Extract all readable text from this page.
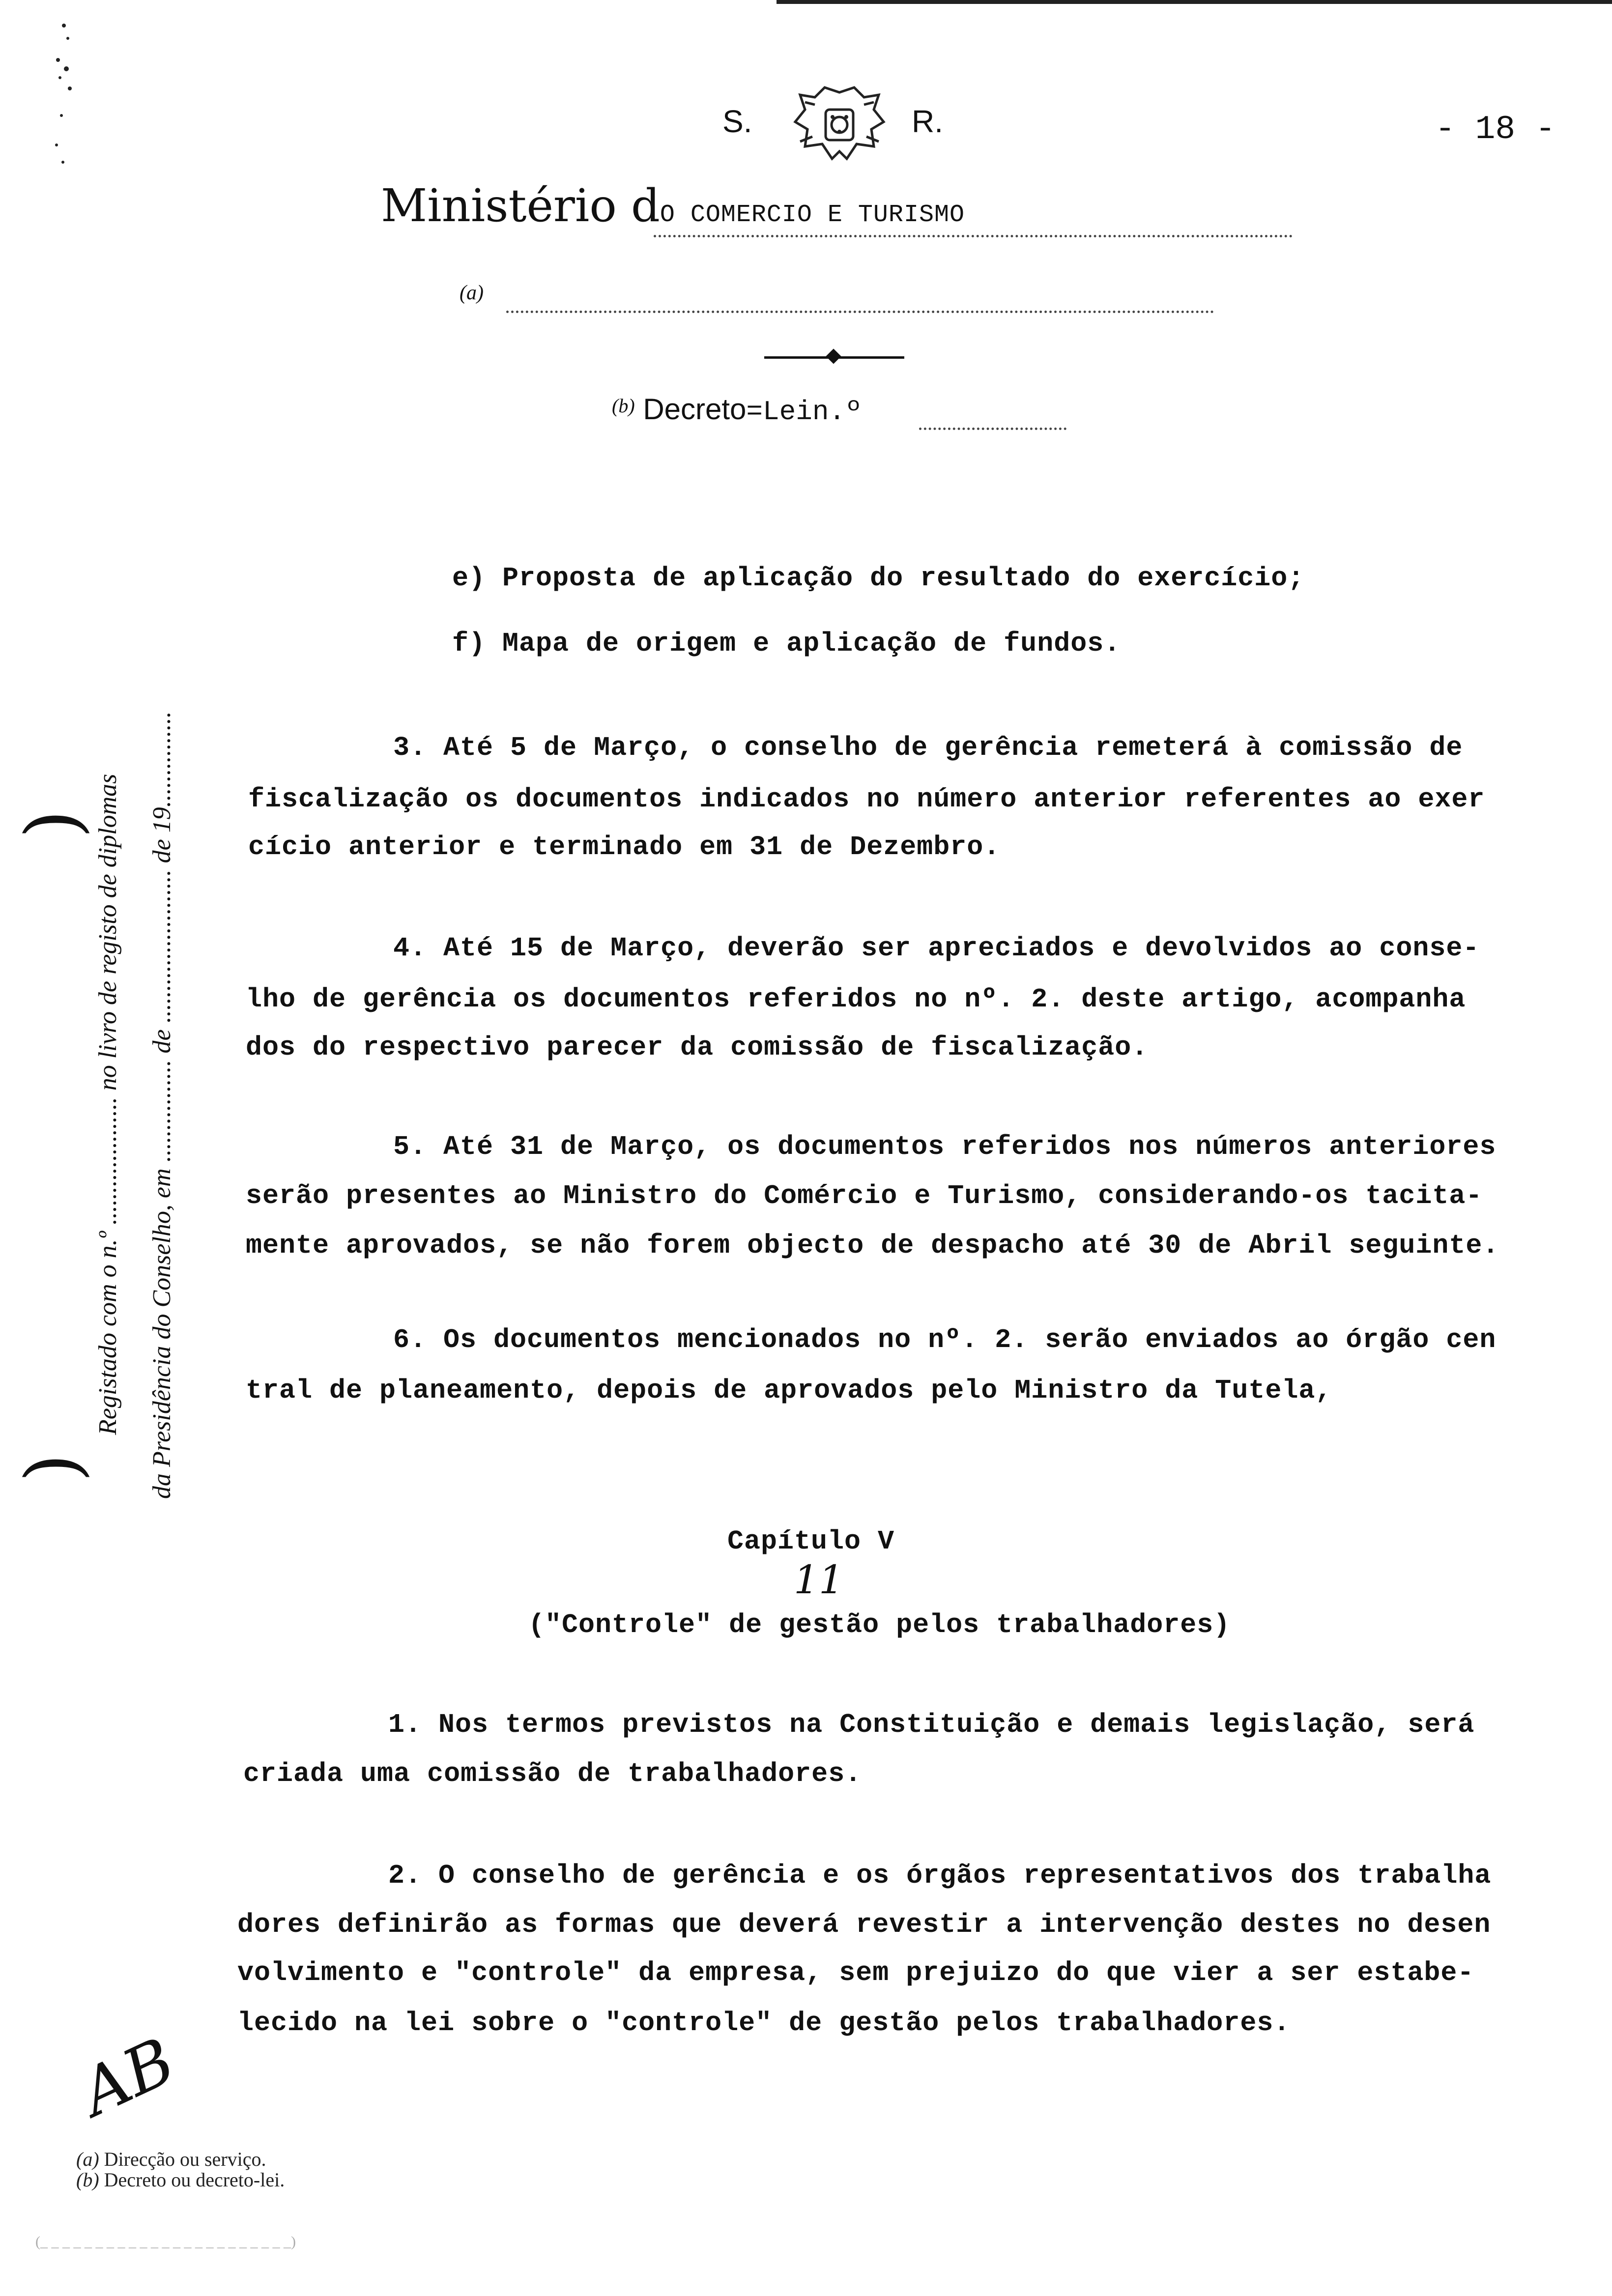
S.	R.	- 18 -
Ministério dO COMERCIO E TURISMO
(a)
$^{(b)}$ Decreto=Lein.º
Registado com o n.º .................... no livro de registo de diplomas da Presidência do Conselho, em ................ de ........................ de 19...............
(
(
e) Proposta de aplicação do resultado do exercício;
f) Mapa de origem e aplicação de fundos.
3. Até 5 de Março, o conselho de gerência remeterá à comissão de
fiscalização os documentos indicados no número anterior referentes ao exer
cício anterior e terminado em 31 de Dezembro.
4. Até 15 de Março, deverão ser apreciados e devolvidos ao conse-
lho de gerência os documentos referidos no nº. 2. deste artigo, acompanha
dos do respectivo parecer da comissão de fiscalização.
5. Até 31 de Março, os documentos referidos nos números anteriores
serão presentes ao Ministro do Comércio e Turismo, considerando-os tacita-
mente aprovados, se não forem objecto de despacho até 30 de Abril seguinte.
6. Os documentos mencionados no nº. 2. serão enviados ao órgão cen
tral de planeamento, depois de aprovados pelo Ministro da Tutela,
Capítulo V
11
("Controle" de gestão pelos trabalhadores)
1. Nos termos previstos na Constituição e demais legislação, será
criada uma comissão de trabalhadores.
2. O conselho de gerência e os órgãos representativos dos trabalha
dores definirão as formas que deverá revestir a intervenção destes no desen
volvimento e "controle" da empresa, sem prejuizo do que vier a ser estabe-
lecido na lei sobre o "controle" de gestão pelos trabalhadores.
AB
(a) Direcção ou serviço.
(b) Decreto ou decreto-lei.
(_ _ _ _ _ _ _ _ _ _ _ _ _ _ _ _ _ _ _ _ _ _ _)
